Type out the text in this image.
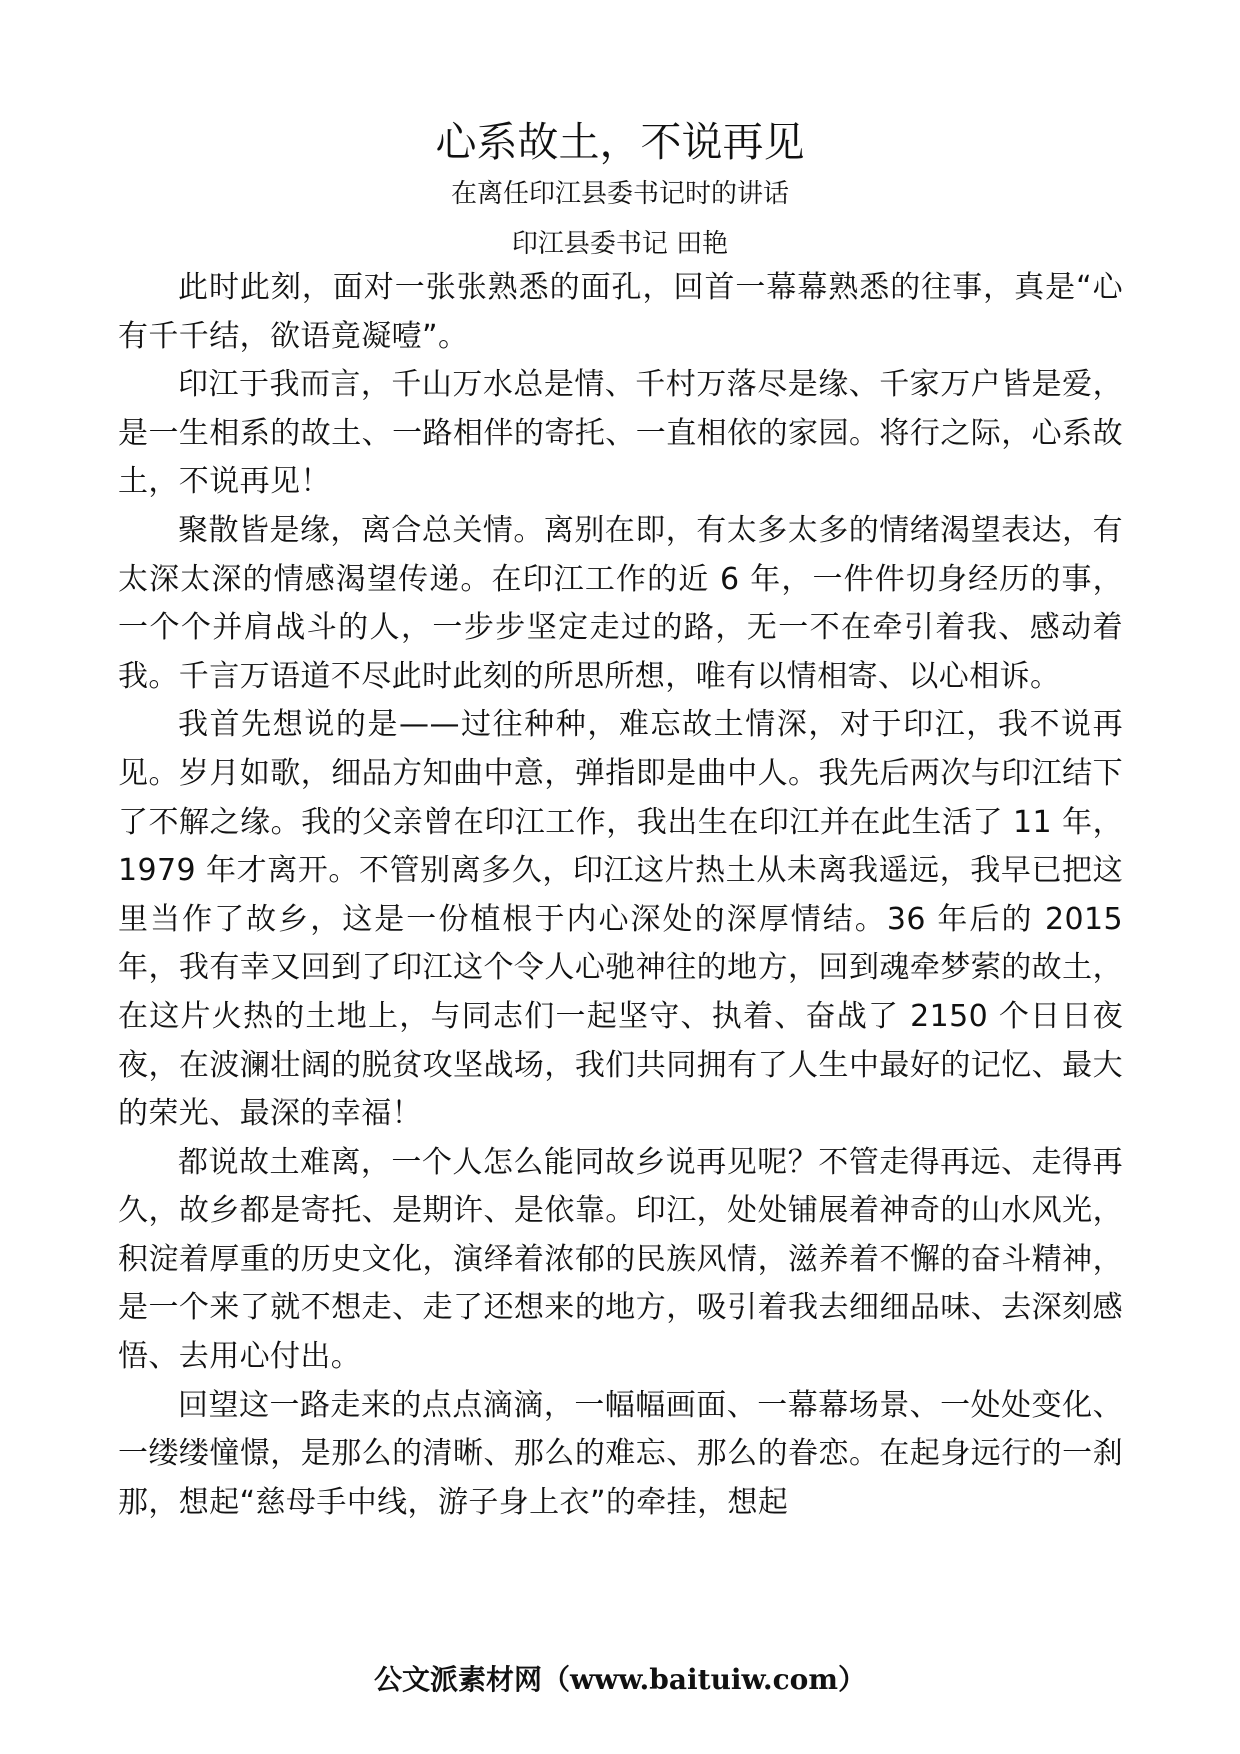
心系故土，不说再见
在离任印江县委书记时的讲话
印江县委书记 田艳

此时此刻，面对一张张熟悉的面孔，回首一幕幕熟悉的往事，真是“心有千千结，欲语竟凝噎”。

印江于我而言，千山万水总是情、千村万落尽是缘、千家万户皆是爱，是一生相系的故土、一路相伴的寄托、一直相依的家园。将行之际，心系故土，不说再见！

聚散皆是缘，离合总关情。离别在即，有太多太多的情绪渴望表达，有太深太深的情感渴望传递。在印江工作的近 6 年，一件件切身经历的事，一个个并肩战斗的人，一步步坚定走过的路，无一不在牵引着我、感动着我。千言万语道不尽此时此刻的所思所想，唯有以情相寄、以心相诉。

我首先想说的是——过往种种，难忘故土情深，对于印江，我不说再见。岁月如歌，细品方知曲中意，弹指即是曲中人。我先后两次与印江结下了不解之缘。我的父亲曾在印江工作，我出生在印江并在此生活了 11 年，1979 年才离开。不管别离多久，印江这片热土从未离我遥远，我早已把这里当作了故乡，这是一份植根于内心深处的深厚情结。36 年后的 2015 年，我有幸又回到了印江这个令人心驰神往的地方，回到魂牵梦萦的故土，在这片火热的土地上，与同志们一起坚守、执着、奋战了 2150 个日日夜夜，在波澜壮阔的脱贫攻坚战场，我们共同拥有了人生中最好的记忆、最大的荣光、最深的幸福！

都说故土难离，一个人怎么能同故乡说再见呢？不管走得再远、走得再久，故乡都是寄托、是期许、是依靠。印江，处处铺展着神奇的山水风光，积淀着厚重的历史文化，演绎着浓郁的民族风情，滋养着不懈的奋斗精神，是一个来了就不想走、走了还想来的地方，吸引着我去细细品味、去深刻感悟、去用心付出。

回望这一路走来的点点滴滴，一幅幅画面、一幕幕场景、一处处变化、一缕缕憧憬，是那么的清晰、那么的难忘、那么的眷恋。在起身远行的一刹那，想起“慈母手中线，游子身上衣”的牵挂，想起

公文派素材网（www.baituiw.com）
